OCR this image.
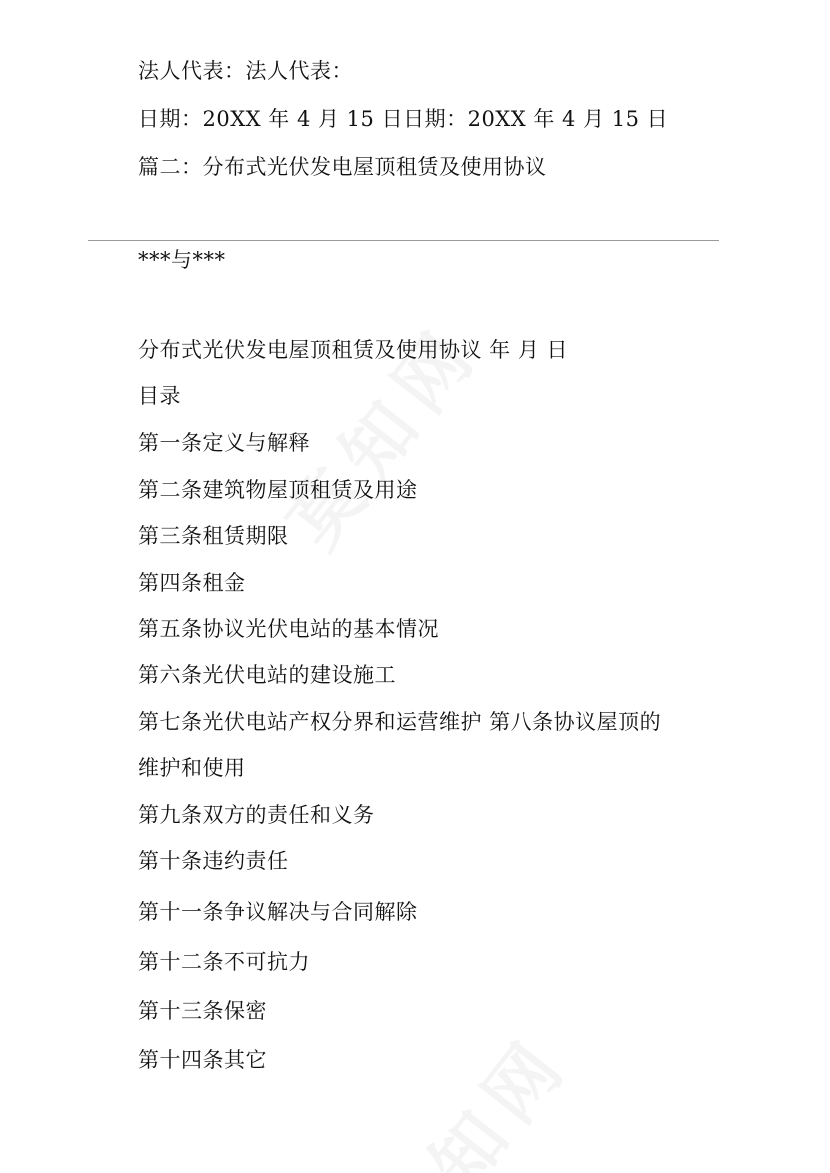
法人代表：法人代表：
日期：20XX 年 4 月 15 日日期：20XX 年 4 月 15 日
篇二：分布式光伏发电屋顶租赁及使用协议
***与***
分布式光伏发电屋顶租赁及使用协议 年 月 日
目录
第一条定义与解释
第二条建筑物屋顶租赁及用途
第三条租赁期限
第四条租金
第五条协议光伏电站的基本情况
第六条光伏电站的建设施工
第七条光伏电站产权分界和运营维护 第八条协议屋顶的
维护和使用
第九条双方的责任和义务
第十条违约责任
第十一条争议解决与合同解除
第十二条不可抗力
第十三条保密
第十四条其它
